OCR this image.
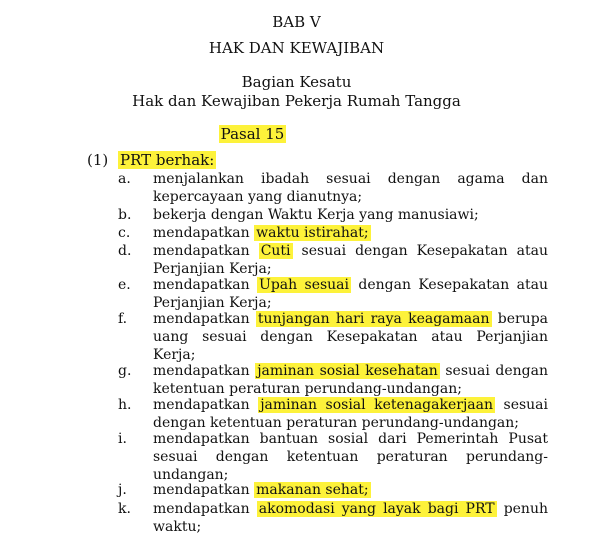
BAB V
HAK DAN KEWAJIBAN
Bagian Kesatu
Hak dan Kewajiban Pekerja Rumah Tangga
Pasal 15
(1) PRT berhak:
a. menjalankan ibadah sesuai dengan agama dan
kepercayaan yang dianutnya;
b. bekerja dengan Waktu Kerja yang manusiawi;
c. mendapatkan waktu istirahat;
d. mendapatkan Cuti sesuai dengan Kesepakatan atau
Perjanjian Kerja;
e. mendapatkan Upah sesuai dengan Kesepakatan atau
Perjanjian Kerja;
f. mendapatkan tunjangan hari raya keagamaan berupa
uang sesuai dengan Kesepakatan atau Perjanjian
Kerja;
g. mendapatkan jaminan sosial kesehatan sesuai dengan
ketentuan peraturan perundang-undangan;
h. mendapatkan jaminan sosial ketenagakerjaan sesuai
dengan ketentuan peraturan perundang-undangan;
i. mendapatkan bantuan sosial dari Pemerintah Pusat
sesuai dengan ketentuan peraturan perundang-
undangan;
j. mendapatkan makanan sehat;
k. mendapatkan akomodasi yang layak bagi PRT penuh
waktu;
